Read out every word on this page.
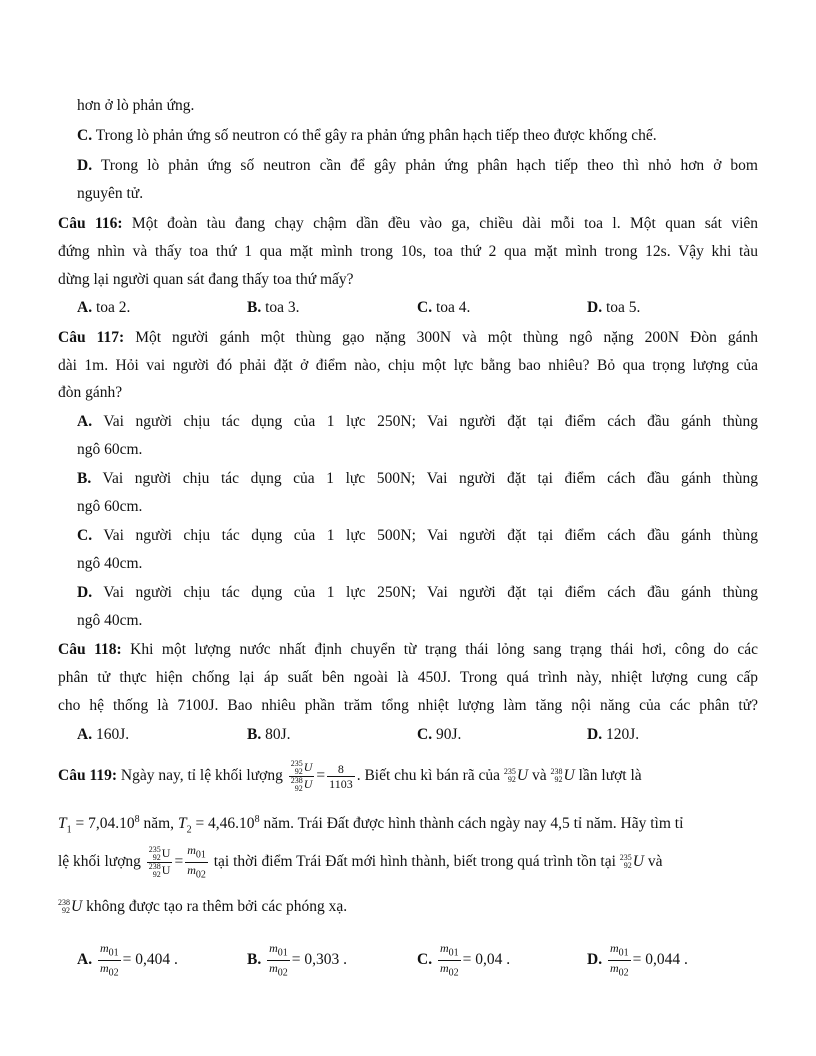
hơn ở lò phản ứng.
C. Trong lò phản ứng số neutron có thể gây ra phản ứng phân hạch tiếp theo được khống chế.
D. Trong lò phản ứng số neutron cần để gây phản ứng phân hạch tiếp theo thì nhỏ hơn ở bom
nguyên tử.
Câu 116: Một đoàn tàu đang chạy chậm dần đều vào ga, chiều dài mỗi toa l. Một quan sát viên
đứng nhìn và thấy toa thứ 1 qua mặt mình trong 10s, toa thứ 2 qua mặt mình trong 12s. Vậy khi tàu
dừng lại người quan sát đang thấy toa thứ mấy?
A. toa 2.	B. toa 3.	C. toa 4.	D. toa 5.
Câu 117: Một người gánh một thùng gạo nặng 300N và một thùng ngô nặng 200N Đòn gánh
dài 1m. Hỏi vai người đó phải đặt ở điểm nào, chịu một lực bằng bao nhiêu? Bỏ qua trọng lượng của
đòn gánh?
A. Vai người chịu tác dụng của 1 lực 250N; Vai người đặt tại điểm cách đầu gánh thùng
ngô 60cm.
B. Vai người chịu tác dụng của 1 lực 500N; Vai người đặt tại điểm cách đầu gánh thùng
ngô 60cm.
C. Vai người chịu tác dụng của 1 lực 500N; Vai người đặt tại điểm cách đầu gánh thùng
ngô 40cm.
D. Vai người chịu tác dụng của 1 lực 250N; Vai người đặt tại điểm cách đầu gánh thùng
ngô 40cm.
Câu 118: Khi một lượng nước nhất định chuyển từ trạng thái lỏng sang trạng thái hơi, công do các
phân tử thực hiện chống lại áp suất bên ngoài là 450J. Trong quá trình này, nhiệt lượng cung cấp
cho hệ thống là 7100J. Bao nhiêu phần trăm tổng nhiệt lượng làm tăng nội năng của các phân tử?
A. 160J.	B. 80J.	C. 90J.	D. 120J.
Câu 119: Ngày nay, tỉ lệ khối lượng 235
92 U
238
92 $U = \frac{8}{1103}$ . Biết chu kì bán rã của 235
92 U và 238
92 U lần lượt là
$T_1 = 7,04.10^8$ năm, $T_2 = 4,46.10^8$ năm. Trái Đất được hình thành cách ngày nay 4,5 tỉ năm. Hãy tìm tỉ
lệ khối lượng 235
92 U
238
92 $U = \frac{m_{01}}{m_{02}}$ tại thời điểm Trái Đất mới hình thành, biết trong quá trình tồn tại 235
92 U và
238
92 U không được tạo ra thêm bởi các phóng xạ.
A. $\frac{m_{01}}{m_{02}} = 0,404$ .	B. $\frac{m_{01}}{m_{02}} = 0,303$ .	C. $\frac{m_{01}}{m_{02}} = 0,04$ .	D. $\frac{m_{01}}{m_{02}} = 0,044$ .
